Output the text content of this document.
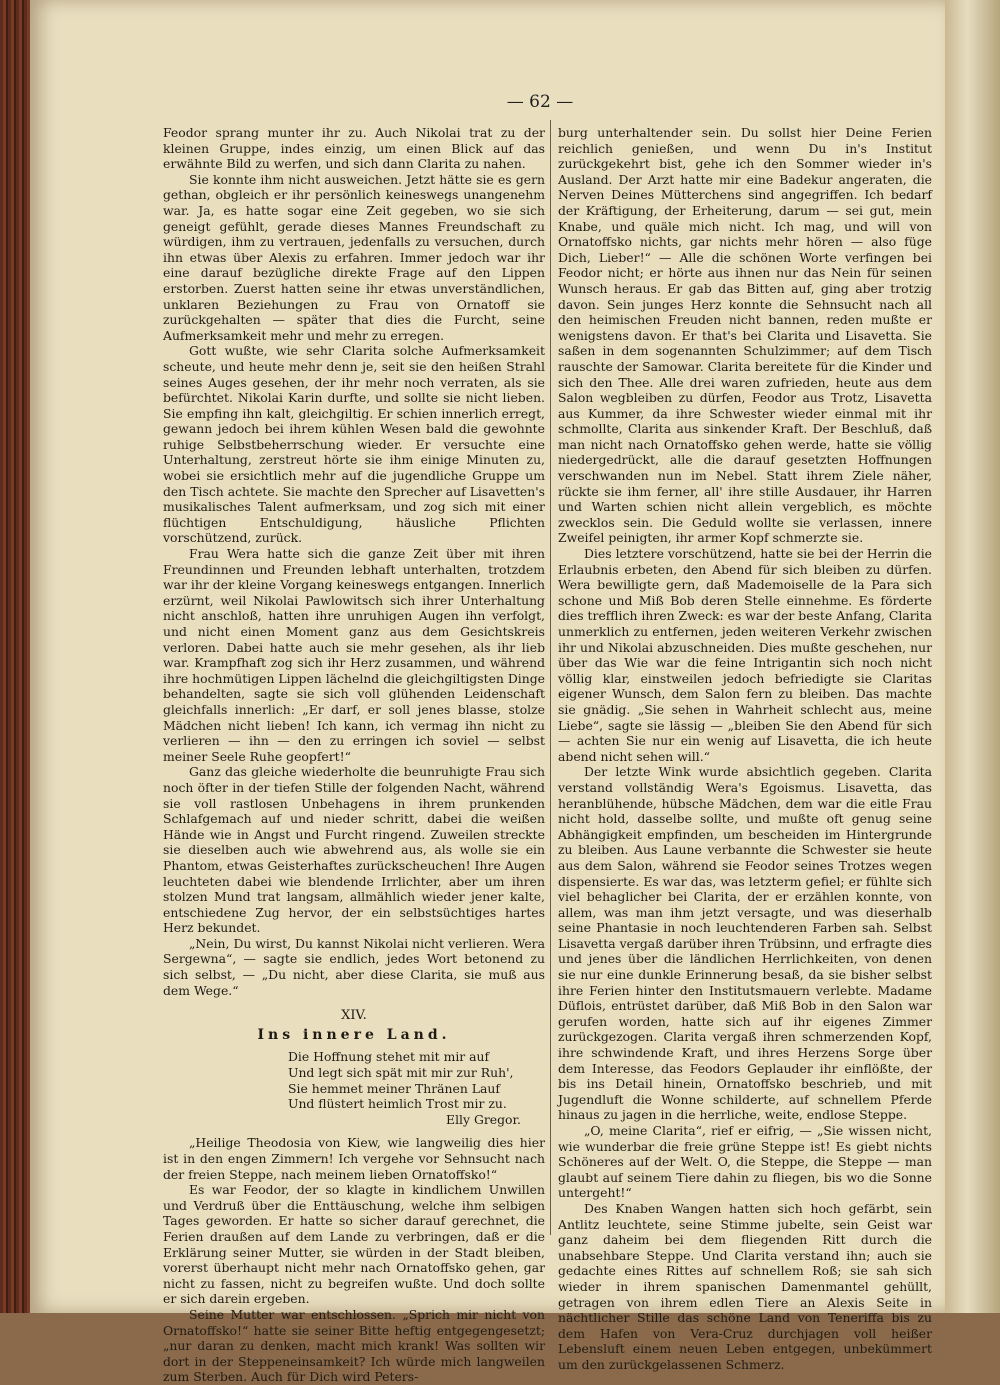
— 62 —

Feodor sprang munter ihr zu. Auch Nikolai trat zu der kleinen Gruppe, indes einzig, um einen Blick auf das erwähnte Bild zu werfen, und sich dann Clarita zu nahen.

Sie konnte ihm nicht ausweichen. Jetzt hätte sie es gern gethan, obgleich er ihr persönlich keineswegs unangenehm war. Ja, es hatte sogar eine Zeit gegeben, wo sie sich geneigt gefühlt, gerade dieses Mannes Freundschaft zu würdigen, ihm zu vertrauen, jedenfalls zu versuchen, durch ihn etwas über Alexis zu erfahren. Immer jedoch war ihr eine darauf bezügliche direkte Frage auf den Lippen erstorben. Zuerst hatten seine ihr etwas unverständlichen, unklaren Beziehungen zu Frau von Ornatoff sie zurückgehalten — später that dies die Furcht, seine Aufmerksamkeit mehr und mehr zu erregen.

Gott wußte, wie sehr Clarita solche Aufmerksamkeit scheute, und heute mehr denn je, seit sie den heißen Strahl seines Auges gesehen, der ihr mehr noch verraten, als sie befürchtet. Nikolai Karin durfte, und sollte sie nicht lieben. Sie empfing ihn kalt, gleichgiltig. Er schien innerlich erregt, gewann jedoch bei ihrem kühlen Wesen bald die gewohnte ruhige Selbstbeherrschung wieder. Er versuchte eine Unterhaltung, zerstreut hörte sie ihm einige Minuten zu, wobei sie ersichtlich mehr auf die jugendliche Gruppe um den Tisch achtete. Sie machte den Sprecher auf Lisavetten's musikalisches Talent aufmerksam, und zog sich mit einer flüchtigen Entschuldigung, häusliche Pflichten vorschützend, zurück.

Frau Wera hatte sich die ganze Zeit über mit ihren Freundinnen und Freunden lebhaft unterhalten, trotzdem war ihr der kleine Vorgang keineswegs entgangen. Innerlich erzürnt, weil Nikolai Pawlowitsch sich ihrer Unterhaltung nicht anschloß, hatten ihre unruhigen Augen ihn verfolgt, und nicht einen Moment ganz aus dem Gesichtskreis verloren. Dabei hatte auch sie mehr gesehen, als ihr lieb war. Krampfhaft zog sich ihr Herz zusammen, und während ihre hochmütigen Lippen lächelnd die gleichgiltigsten Dinge behandelten, sagte sie sich voll glühenden Leidenschaft gleichfalls innerlich: „Er darf, er soll jenes blasse, stolze Mädchen nicht lieben! Ich kann, ich vermag ihn nicht zu verlieren — ihn — den zu erringen ich soviel — selbst meiner Seele Ruhe geopfert!“

Ganz das gleiche wiederholte die beunruhigte Frau sich noch öfter in der tiefen Stille der folgenden Nacht, während sie voll rastlosen Unbehagens in ihrem prunkenden Schlafgemach auf und nieder schritt, dabei die weißen Hände wie in Angst und Furcht ringend. Zuweilen streckte sie dieselben auch wie abwehrend aus, als wolle sie ein Phantom, etwas Geisterhaftes zurückscheuchen! Ihre Augen leuchteten dabei wie blendende Irrlichter, aber um ihren stolzen Mund trat langsam, allmählich wieder jener kalte, entschiedene Zug hervor, der ein selbstsüchtiges hartes Herz bekundet.

„Nein, Du wirst, Du kannst Nikolai nicht verlieren. Wera Sergewna“, — sagte sie endlich, jedes Wort betonend zu sich selbst, — „Du nicht, aber diese Clarita, sie muß aus dem Wege.“

XIV.
Ins innere Land.
Die Hoffnung stehet mit mir auf
Und legt sich spät mit mir zur Ruh',
Sie hemmet meiner Thränen Lauf
Und flüstert heimlich Trost mir zu.
Elly Gregor.

„Heilige Theodosia von Kiew, wie langweilig dies hier ist in den engen Zimmern! Ich vergehe vor Sehnsucht nach der freien Steppe, nach meinem lieben Ornatoffsko!“

Es war Feodor, der so klagte in kindlichem Unwillen und Verdruß über die Enttäuschung, welche ihm selbigen Tages geworden. Er hatte so sicher darauf gerechnet, die Ferien draußen auf dem Lande zu verbringen, daß er die Erklärung seiner Mutter, sie würden in der Stadt bleiben, vorerst überhaupt nicht mehr nach Ornatoffsko gehen, gar nicht zu fassen, nicht zu begreifen wußte. Und doch sollte er sich darein ergeben.

Seine Mutter war entschlossen. „Sprich mir nicht von Ornatoffsko!“ hatte sie seiner Bitte heftig entgegengesetzt; „nur daran zu denken, macht mich krank! Was sollten wir dort in der Steppeneinsamkeit? Ich würde mich langweilen zum Sterben. Auch für Dich wird Peters-

burg unterhaltender sein. Du sollst hier Deine Ferien reichlich genießen, und wenn Du in's Institut zurückgekehrt bist, gehe ich den Sommer wieder in's Ausland. Der Arzt hatte mir eine Badekur angeraten, die Nerven Deines Mütterchens sind angegriffen. Ich bedarf der Kräftigung, der Erheiterung, darum — sei gut, mein Knabe, und quäle mich nicht. Ich mag, und will von Ornatoffsko nichts, gar nichts mehr hören — also füge Dich, Lieber!“ — Alle die schönen Worte verfingen bei Feodor nicht; er hörte aus ihnen nur das Nein für seinen Wunsch heraus. Er gab das Bitten auf, ging aber trotzig davon. Sein junges Herz konnte die Sehnsucht nach all den heimischen Freuden nicht bannen, reden mußte er wenigstens davon. Er that's bei Clarita und Lisavetta. Sie saßen in dem sogenannten Schulzimmer; auf dem Tisch rauschte der Samowar. Clarita bereitete für die Kinder und sich den Thee. Alle drei waren zufrieden, heute aus dem Salon wegbleiben zu dürfen, Feodor aus Trotz, Lisavetta aus Kummer, da ihre Schwester wieder einmal mit ihr schmollte, Clarita aus sinkender Kraft. Der Beschluß, daß man nicht nach Ornatoffsko gehen werde, hatte sie völlig niedergedrückt, alle die darauf gesetzten Hoffnungen verschwanden nun im Nebel. Statt ihrem Ziele näher, rückte sie ihm ferner, all' ihre stille Ausdauer, ihr Harren und Warten schien nicht allein vergeblich, es möchte zwecklos sein. Die Geduld wollte sie verlassen, innere Zweifel peinigten, ihr armer Kopf schmerzte sie.

Dies letztere vorschützend, hatte sie bei der Herrin die Erlaubnis erbeten, den Abend für sich bleiben zu dürfen. Wera bewilligte gern, daß Mademoiselle de la Para sich schone und Miß Bob deren Stelle einnehme. Es förderte dies trefflich ihren Zweck: es war der beste Anfang, Clarita unmerklich zu entfernen, jeden weiteren Verkehr zwischen ihr und Nikolai abzuschneiden. Dies mußte geschehen, nur über das Wie war die feine Intrigantin sich noch nicht völlig klar, einstweilen jedoch befriedigte sie Claritas eigener Wunsch, dem Salon fern zu bleiben. Das machte sie gnädig. „Sie sehen in Wahrheit schlecht aus, meine Liebe“, sagte sie lässig — „bleiben Sie den Abend für sich — achten Sie nur ein wenig auf Lisavetta, die ich heute abend nicht sehen will.“

Der letzte Wink wurde absichtlich gegeben. Clarita verstand vollständig Wera's Egoismus. Lisavetta, das heranblühende, hübsche Mädchen, dem war die eitle Frau nicht hold, dasselbe sollte, und mußte oft genug seine Abhängigkeit empfinden, um bescheiden im Hintergrunde zu bleiben. Aus Laune verbannte die Schwester sie heute aus dem Salon, während sie Feodor seines Trotzes wegen dispensierte. Es war das, was letzterm gefiel; er fühlte sich viel behaglicher bei Clarita, der er erzählen konnte, von allem, was man ihm jetzt versagte, und was dieserhalb seine Phantasie in noch leuchtenderen Farben sah. Selbst Lisavetta vergaß darüber ihren Trübsinn, und erfragte dies und jenes über die ländlichen Herrlichkeiten, von denen sie nur eine dunkle Erinnerung besaß, da sie bisher selbst ihre Ferien hinter den Institutsmauern verlebte. Madame Düflois, entrüstet darüber, daß Miß Bob in den Salon war gerufen worden, hatte sich auf ihr eigenes Zimmer zurückgezogen. Clarita vergaß ihren schmerzenden Kopf, ihre schwindende Kraft, und ihres Herzens Sorge über dem Interesse, das Feodors Geplauder ihr einflößte, der bis ins Detail hinein, Ornatoffsko beschrieb, und mit Jugendluft die Wonne schilderte, auf schnellem Pferde hinaus zu jagen in die herrliche, weite, endlose Steppe.

„O, meine Clarita“, rief er eifrig, — „Sie wissen nicht, wie wunderbar die freie grüne Steppe ist! Es giebt nichts Schöneres auf der Welt. O, die Steppe, die Steppe — man glaubt auf seinem Tiere dahin zu fliegen, bis wo die Sonne untergeht!“

Des Knaben Wangen hatten sich hoch gefärbt, sein Antlitz leuchtete, seine Stimme jubelte, sein Geist war ganz daheim bei dem fliegenden Ritt durch die unabsehbare Steppe. Und Clarita verstand ihn; auch sie gedachte eines Rittes auf schnellem Roß; sie sah sich wieder in ihrem spanischen Damenmantel gehüllt, getragen von ihrem edlen Tiere an Alexis Seite in nächtlicher Stille das schöne Land von Teneriffa bis zu dem Hafen von Vera-Cruz durchjagen voll heißer Lebensluft einem neuen Leben entgegen, unbekümmert um den zurückgelassenen Schmerz.
